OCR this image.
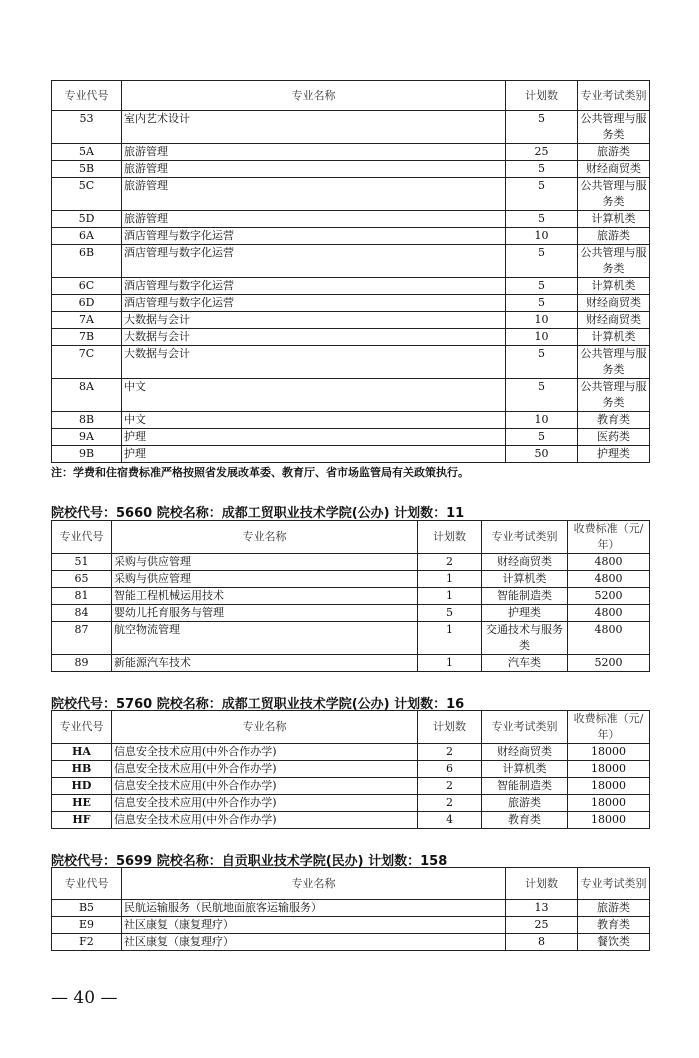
专业代号	专业名称	计划数	专业考试类别
53	室内艺术设计	5	公共管理与服务类
5A	旅游管理	25	旅游类
5B	旅游管理	5	财经商贸类
5C	旅游管理	5	公共管理与服务类
5D	旅游管理	5	计算机类
6A	酒店管理与数字化运营	10	旅游类
6B	酒店管理与数字化运营	5	公共管理与服务类
6C	酒店管理与数字化运营	5	计算机类
6D	酒店管理与数字化运营	5	财经商贸类
7A	大数据与会计	10	财经商贸类
7B	大数据与会计	10	计算机类
7C	大数据与会计	5	公共管理与服务类
8A	中文	5	公共管理与服务类
8B	中文	10	教育类
9A	护理	5	医药类
9B	护理	50	护理类
注：学费和住宿费标准严格按照省发展改革委、教育厅、省市场监管局有关政策执行。
院校代号：5660 院校名称：成都工贸职业技术学院(公办) 计划数：11
专业代号	专业名称	计划数	专业考试类别	收费标准（元/年）
51	采购与供应管理	2	财经商贸类	4800
65	采购与供应管理	1	计算机类	4800
81	智能工程机械运用技术	1	智能制造类	5200
84	婴幼儿托育服务与管理	5	护理类	4800
87	航空物流管理	1	交通技术与服务类	4800
89	新能源汽车技术	1	汽车类	5200
院校代号：5760 院校名称：成都工贸职业技术学院(公办) 计划数：16
专业代号	专业名称	计划数	专业考试类别	收费标准（元/年）
HA	信息安全技术应用(中外合作办学)	2	财经商贸类	18000
HB	信息安全技术应用(中外合作办学)	6	计算机类	18000
HD	信息安全技术应用(中外合作办学)	2	智能制造类	18000
HE	信息安全技术应用(中外合作办学)	2	旅游类	18000
HF	信息安全技术应用(中外合作办学)	4	教育类	18000
院校代号：5699 院校名称：自贡职业技术学院(民办) 计划数：158
专业代号	专业名称	计划数	专业考试类别
B5	民航运输服务（民航地面旅客运输服务）	13	旅游类
E9	社区康复（康复理疗）	25	教育类
F2	社区康复（康复理疗）	8	餐饮类
— 40 —
